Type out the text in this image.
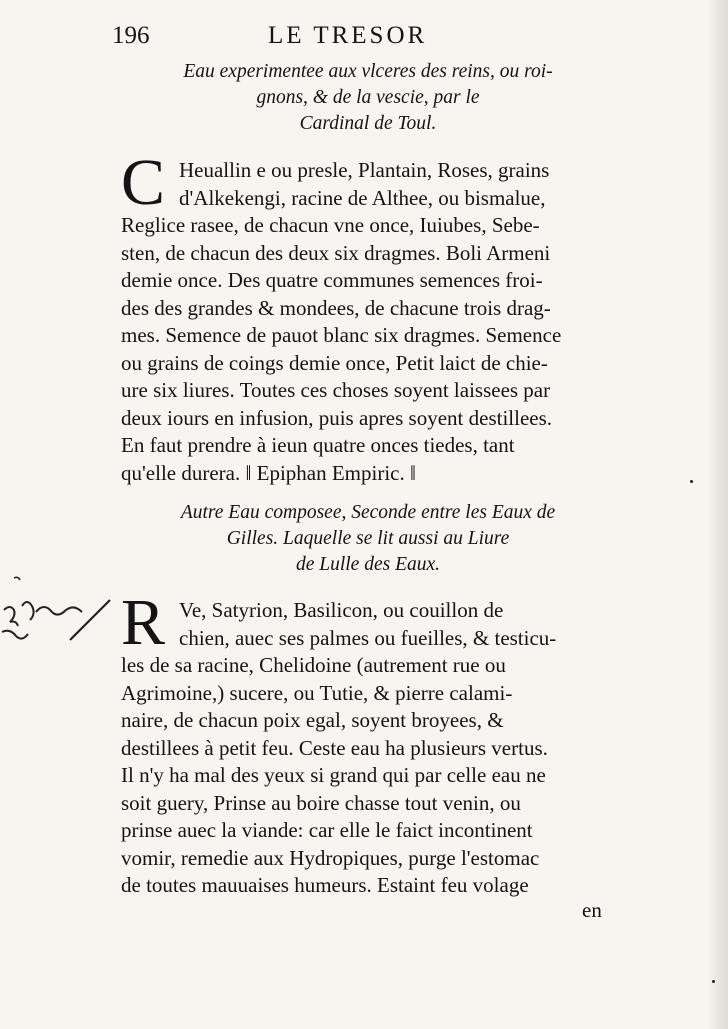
196	LE TRESOR
Eau experimentee aux vlceres des reins, ou roi-
gnons, & de la vescie, par le
Cardinal de Toul.
C Heuallin e ou presle, Plantain, Roses, grains
d'Alkekengi, racine de Althee, ou bismalue,
Reglice rasee, de chacun vne once, Iuiubes, Sebe-
sten, de chacun des deux six dragmes. Boli Armeni
demie once. Des quatre communes semences froi-
des des grandes & mondees, de chacune trois drag-
mes. Semence de pauot blanc six dragmes. Semence
ou grains de coings demie once, Petit laict de chie-
ure six liures. Toutes ces choses soyent laissees par
deux iours en infusion, puis apres soyent destillees.
En faut prendre à ieun quatre onces tiedes, tant
qu'elle durera. ‖ Epiphan Empiric. ‖
Autre Eau composee, Seconde entre les Eaux de
Gilles. Laquelle se lit aussi au Liure
de Lulle des Eaux.
R Ve, Satyrion, Basilicon, ou couillon de
chien, auec ses palmes ou fueilles, & testicu-
les de sa racine, Chelidoine (autrement rue ou
Agrimoine,) sucere, ou Tutie, & pierre calami-
naire, de chacun poix egal, soyent broyees, &
destillees à petit feu. Ceste eau ha plusieurs vertus.
Il n'y ha mal des yeux si grand qui par celle eau ne
soit guery, Prinse au boire chasse tout venin, ou
prinse auec la viande: car elle le faict incontinent
vomir, remedie aux Hydropiques, purge l'estomac
de toutes mauuaises humeurs. Estaint feu volage
en
